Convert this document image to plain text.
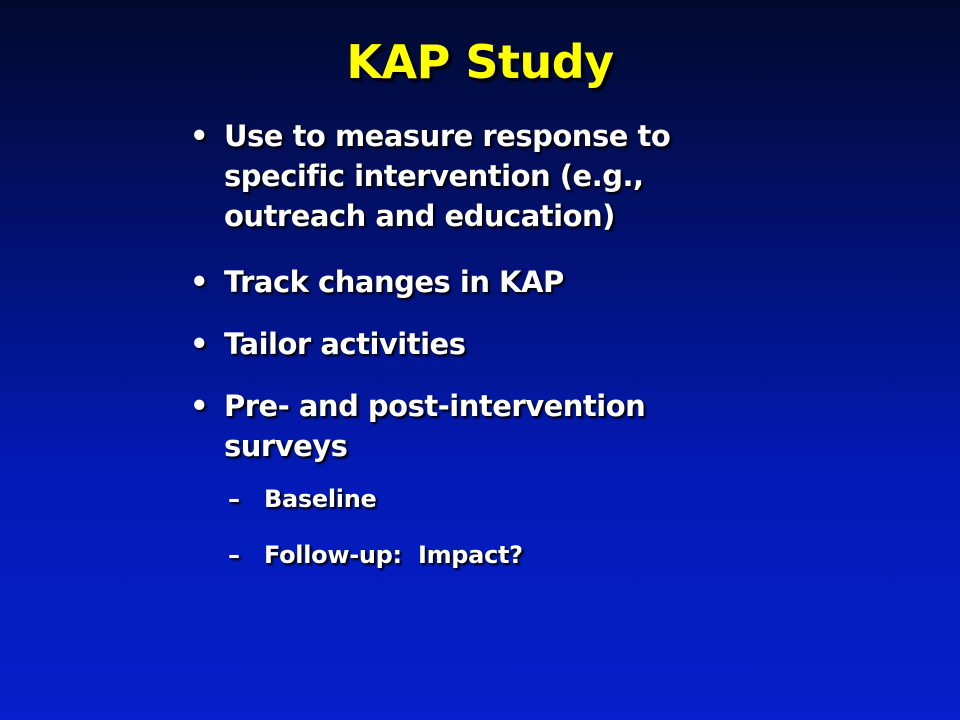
KAP Study
• Use to measure response to
specific intervention (e.g.,
outreach and education)
• Track changes in KAP
• Tailor activities
• Pre- and post-intervention
surveys
– Baseline
– Follow-up:  Impact?
